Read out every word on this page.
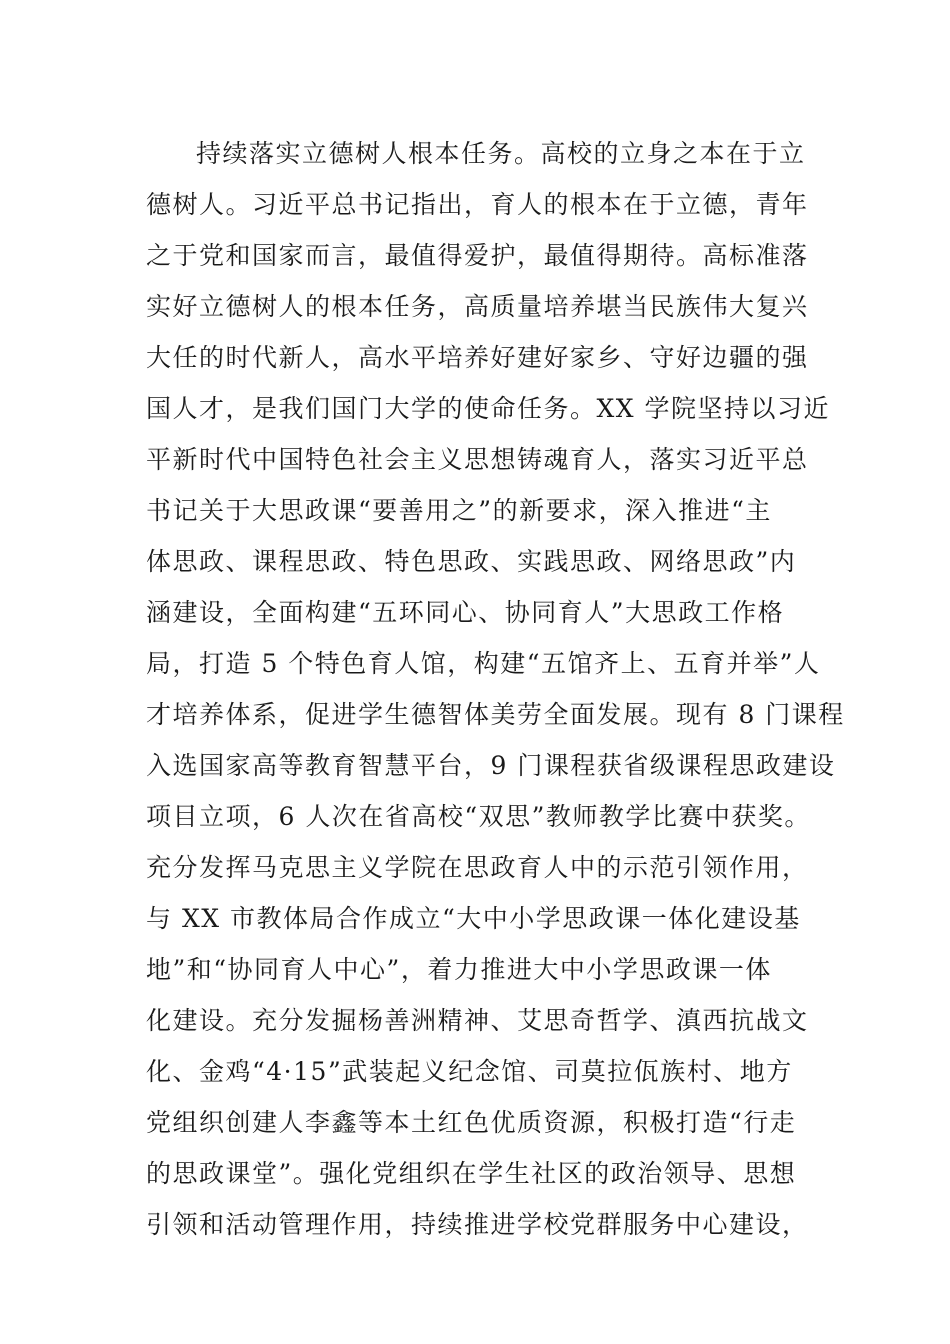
持续落实立德树人根本任务。高校的立身之本在于立
德树人。习近平总书记指出，育人的根本在于立德，青年
之于党和国家而言，最值得爱护，最值得期待。高标准落
实好立德树人的根本任务，高质量培养堪当民族伟大复兴
大任的时代新人，高水平培养好建好家乡、守好边疆的强
国人才，是我们国门大学的使命任务。XX 学院坚持以习近
平新时代中国特色社会主义思想铸魂育人，落实习近平总
书记关于大思政课“要善用之”的新要求，深入推进“主
体思政、课程思政、特色思政、实践思政、网络思政”内
涵建设，全面构建“五环同心、协同育人”大思政工作格
局，打造 5 个特色育人馆，构建“五馆齐上、五育并举”人
才培养体系，促进学生德智体美劳全面发展。现有 8 门课程
入选国家高等教育智慧平台，9 门课程获省级课程思政建设
项目立项，6 人次在省高校“双思”教师教学比赛中获奖。
充分发挥马克思主义学院在思政育人中的示范引领作用，
与 XX 市教体局合作成立“大中小学思政课一体化建设基
地”和“协同育人中心”，着力推进大中小学思政课一体
化建设。充分发掘杨善洲精神、艾思奇哲学、滇西抗战文
化、金鸡“4·15”武装起义纪念馆、司莫拉佤族村、地方
党组织创建人李鑫等本土红色优质资源，积极打造“行走
的思政课堂”。强化党组织在学生社区的政治领导、思想
引领和活动管理作用，持续推进学校党群服务中心建设，
